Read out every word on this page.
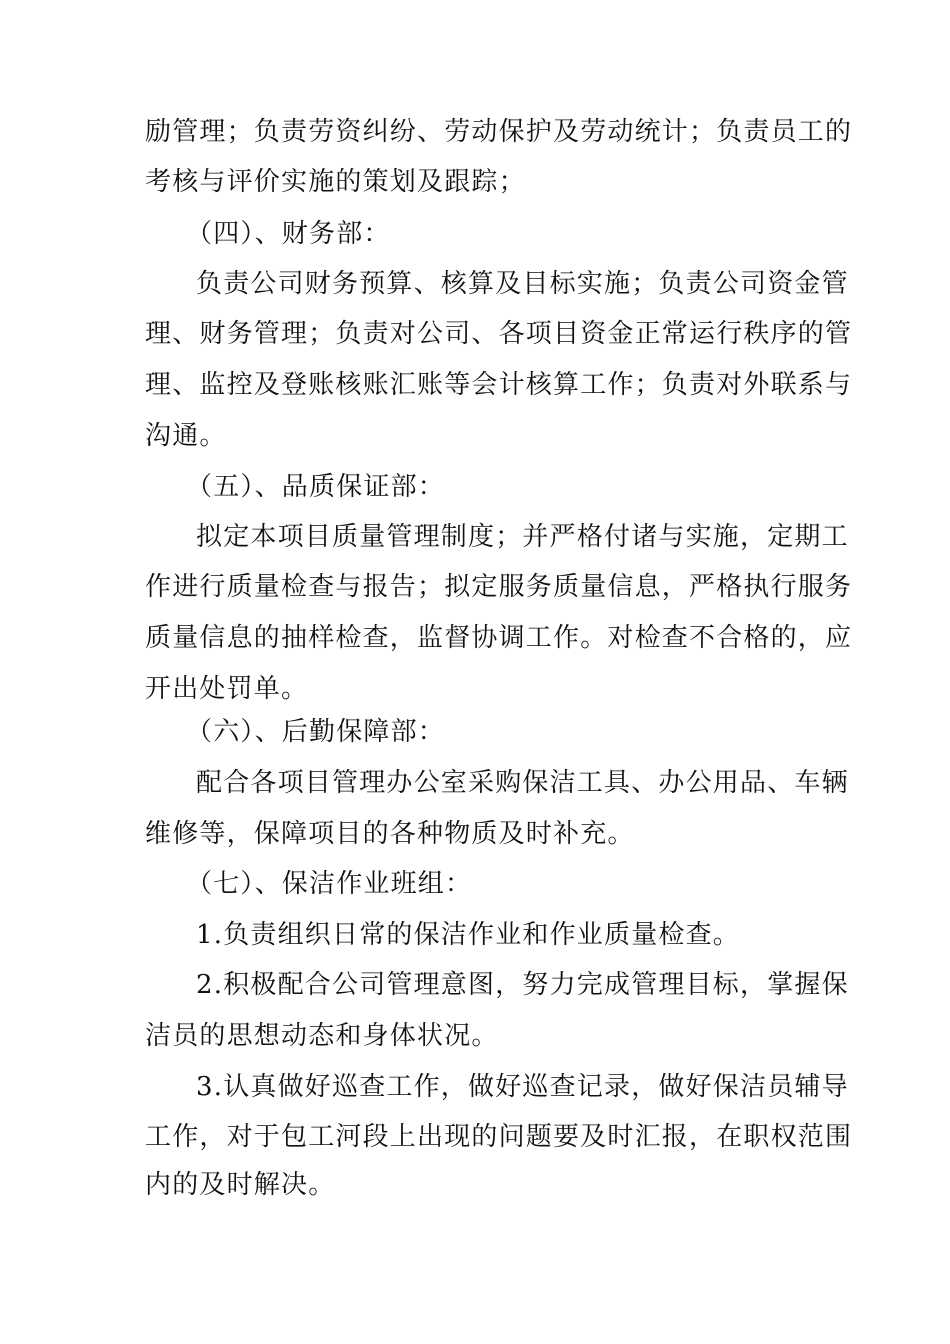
励管理；负责劳资纠纷、劳动保护及劳动统计；负责员工的
考核与评价实施的策划及跟踪；
（四）、财务部：
负责公司财务预算、核算及目标实施；负责公司资金管
理、财务管理；负责对公司、各项目资金正常运行秩序的管
理、监控及登账核账汇账等会计核算工作；负责对外联系与
沟通。
（五）、品质保证部：
拟定本项目质量管理制度；并严格付诸与实施，定期工
作进行质量检查与报告；拟定服务质量信息，严格执行服务
质量信息的抽样检查，监督协调工作。对检查不合格的，应
开出处罚单。
（六）、后勤保障部：
配合各项目管理办公室采购保洁工具、办公用品、车辆
维修等，保障项目的各种物质及时补充。
（七）、保洁作业班组：
1.负责组织日常的保洁作业和作业质量检查。
2.积极配合公司管理意图，努力完成管理目标，掌握保
洁员的思想动态和身体状况。
3.认真做好巡查工作，做好巡查记录，做好保洁员辅导
工作，对于包工河段上出现的问题要及时汇报，在职权范围
内的及时解决。
